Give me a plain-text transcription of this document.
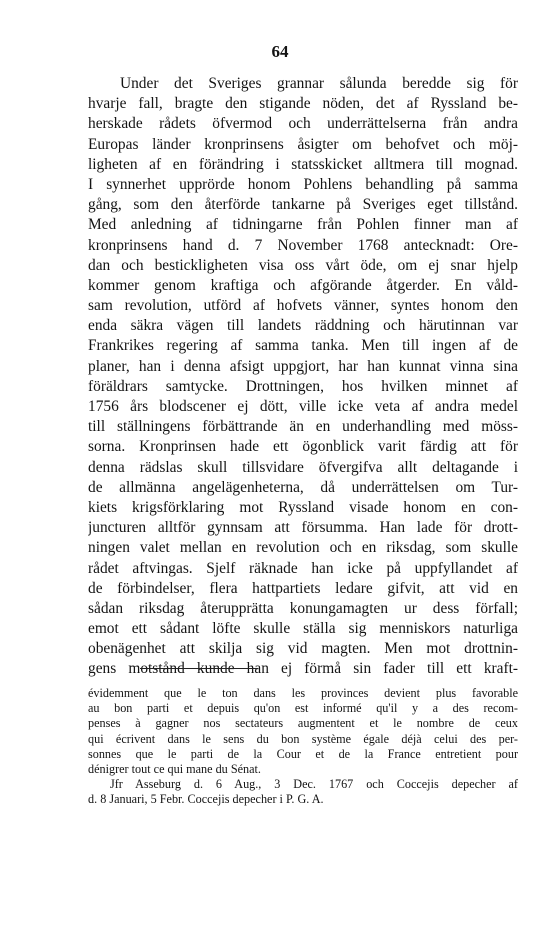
64
Under det Sveriges grannar sålunda beredde sig för
hvarje fall, bragte den stigande nöden, det af Ryssland be-
herskade rådets öfvermod och underrättelserna från andra
Europas länder kronprinsens åsigter om behofvet och möj-
ligheten af en förändring i statsskicket alltmera till mognad.
I synnerhet upprörde honom Pohlens behandling på samma
gång, som den återförde tankarne på Sveriges eget tillstånd.
Med anledning af tidningarne från Pohlen finner man af
kronprinsens hand d. 7 November 1768 antecknadt: Ore-
dan och bestickligheten visa oss vårt öde, om ej snar hjelp
kommer genom kraftiga och afgörande åtgerder. En våld-
sam revolution, utförd af hofvets vänner, syntes honom den
enda säkra vägen till landets räddning och härutinnan var
Frankrikes regering af samma tanka. Men till ingen af de
planer, han i denna afsigt uppgjort, har han kunnat vinna sina
föräldrars samtycke. Drottningen, hos hvilken minnet af
1756 års blodscener ej dött, ville icke veta af andra medel
till ställningens förbättrande än en underhandling med möss-
sorna. Kronprinsen hade ett ögonblick varit färdig att för
denna rädslas skull tillsvidare öfvergifva allt deltagande i
de allmänna angelägenheterna, då underrättelsen om Tur-
kiets krigsförklaring mot Ryssland visade honom en con-
juncturen alltför gynnsam att försumma. Han lade för drott-
ningen valet mellan en revolution och en riksdag, som skulle
rådet aftvingas. Sjelf räknade han icke på uppfyllandet af
de förbindelser, flera hattpartiets ledare gifvit, att vid en
sådan riksdag återupprätta konungamagten ur dess förfall;
emot ett sådant löfte skulle ställa sig menniskors naturliga
obenägenhet att skilja sig vid magten. Men mot drottnin-
gens motstånd kunde han ej förmå sin fader till ett kraft-
évidemment que le ton dans les provinces devient plus favorable
au bon parti et depuis qu'on est informé qu'il y a des recom-
penses à gagner nos sectateurs augmentent et le nombre de ceux
qui écrivent dans le sens du bon système égale déjà celui des per-
sonnes que le parti de la Cour et de la France entretient pour
dénigrer tout ce qui mane du Sénat.
Jfr Asseburg d. 6 Aug., 3 Dec. 1767 och Coccejis depecher af
d. 8 Januari, 5 Febr. Coccejis depecher i P. G. A.
